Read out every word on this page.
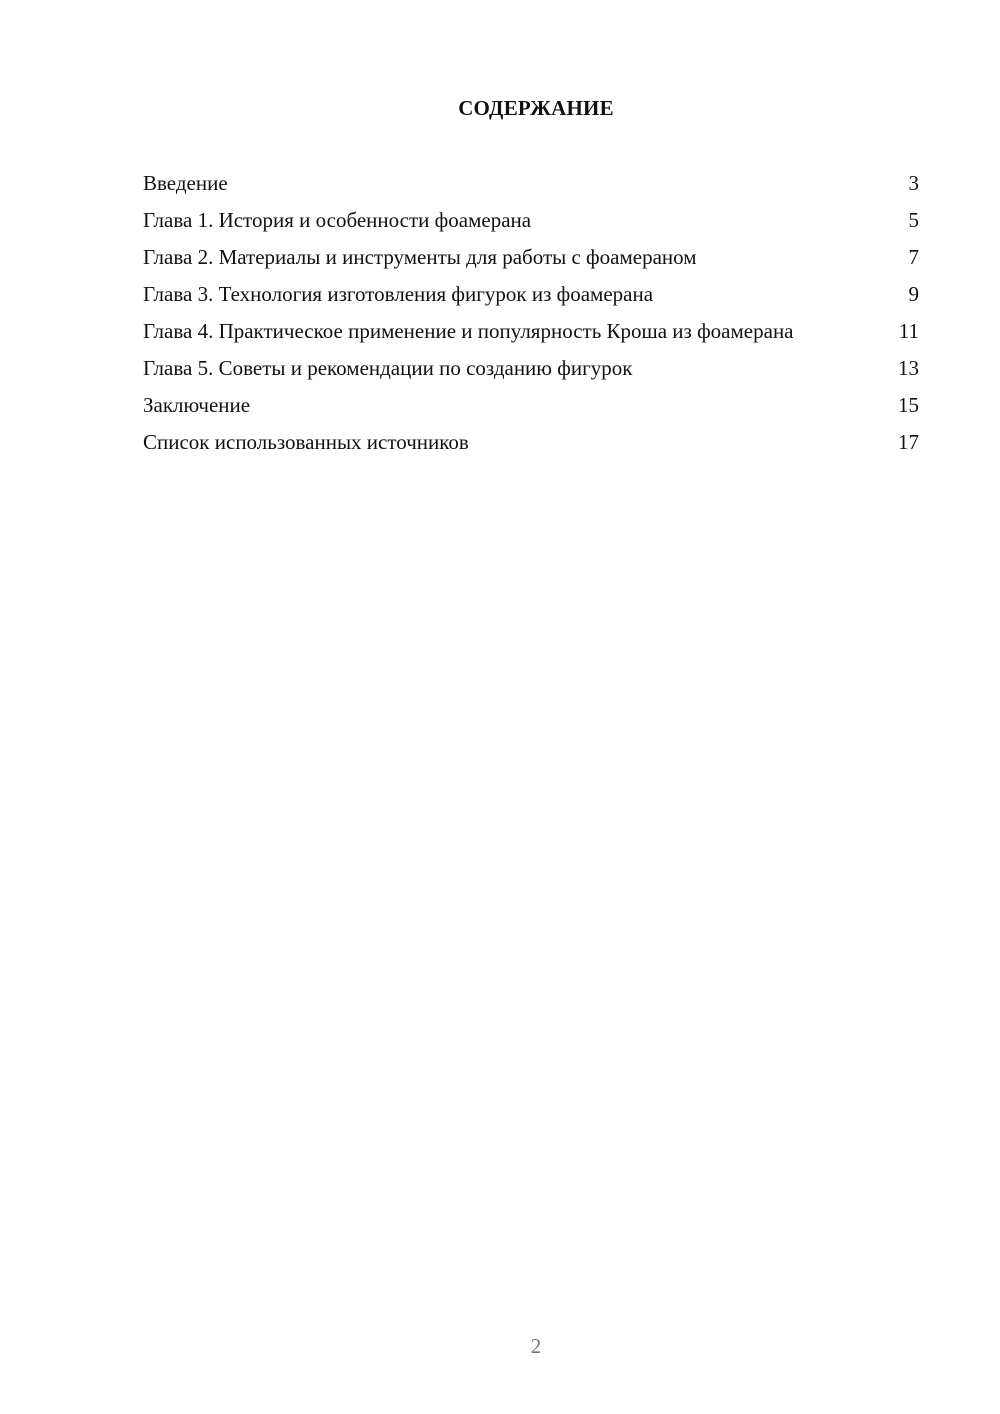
СОДЕРЖАНИЕ
Введение	3
Глава 1. История и особенности фоамерана	5
Глава 2. Материалы и инструменты для работы с фоамераном	7
Глава 3. Технология изготовления фигурок из фоамерана	9
Глава 4. Практическое применение и популярность Кроша из фоамерана	11
Глава 5. Советы и рекомендации по созданию фигурок	13
Заключение	15
Список использованных источников	17
2
